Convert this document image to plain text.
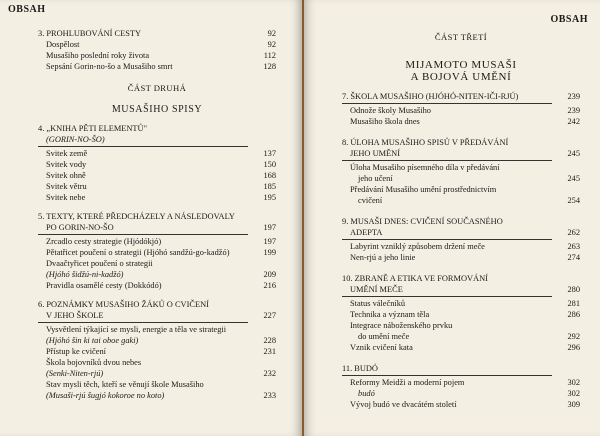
OBSAH
3. PROHLUBOVÁNÍ CESTY	92
Dospělost	92
Musašiho poslední roky života	112
Sepsání Gorin-no-šo a Musašiho smrt	128
ČÁST DRUHÁ
MUSAŠIHO SPISY
4. „KNIHA PĚTI ELEMENTŮ"
(GORIN-NO-ŠO)
Svitek země	137
Svitek vody	150
Svitek ohně	168
Svitek větru	185
Svitek nebe	195
5. TEXTY, KTERÉ PŘEDCHÁZELY A NÁSLEDOVALY
PO GORIN-NO-ŠO	197
Zrcadlo cesty strategie (Hjódókjó)	197
Pětatřicet poučení o strategii (Hjóhó sandžú-go-kadžó)	199
Dvaačtyřicet poučení o strategii
(Hjóhó šidžú-ni-kadžó)	209
Pravidla osamělé cesty (Dokkódó)	216
6. POZNÁMKY MUSAŠIHO ŽÁKŮ O CVIČENÍ
V JEHO ŠKOLE	227
Vysvětlení týkající se mysli, energie a těla ve strategii
(Hjóhó šin ki tai oboe gaki)	228
Přístup ke cvičení	231
Škola bojovníků dvou nebes
(Senki-Niten-rjú)	232
Stav mysli těch, kteří se věnují škole Musašiho
(Musaši-rjú šugjó kokoroe no koto)	233
OBSAH
ČÁST TŘETÍ
MIJAMOTO MUSAŠI
A BOJOVÁ UMĚNÍ
7. ŠKOLA MUSAŠIHO (HJÓHÓ-NITEN-IČI-RJÚ)	239
Odnože školy Musašiho	239
Musašiho škola dnes	242
8. ÚLOHA MUSAŠIHO SPISŮ V PŘEDÁVÁNÍ
JEHO UMĚNÍ	245
Úloha Musašiho písemného díla v předávání
jeho učení	245
Předávání Musašiho umění prostřednictvím
cvičení	254
9. MUSAŠI DNES: CVIČENÍ SOUČASNÉHO
ADEPTA	262
Labyrint vzniklý způsobem držení meče	263
Nen-rjú a jeho linie	274
10. ZBRANĚ A ETIKA VE FORMOVÁNÍ
UMĚNÍ MEČE	280
Status válečníků	281
Technika a význam těla	286
Integrace náboženského prvku
do umění meče	292
Vznik cvičení kata	296
11. BUDÓ
Reformy Meidži a moderní pojem	302
budó	302
Vývoj budó ve dvacátém století	309
